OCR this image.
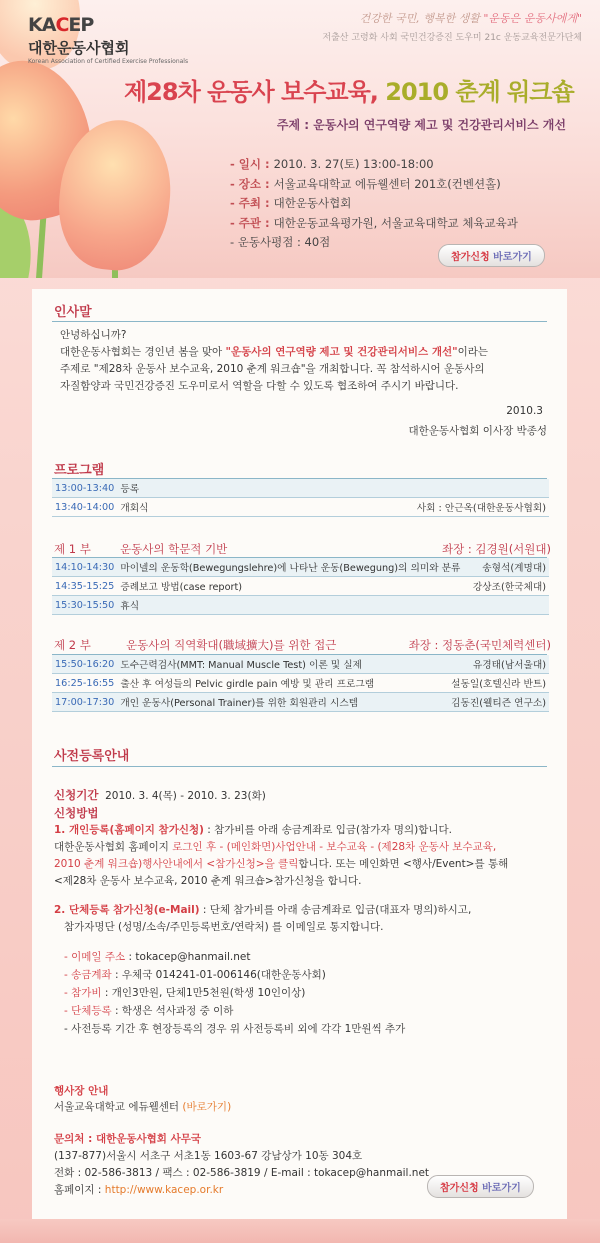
KACEP
대한운동사협회
Korean Association of Certified Exercise Professionals
건강한 국민, 행복한 생활 "운동은 운동사에게"
저출산 고령화 사회 국민건강증진 도우미 21c 운동교육전문가단체
제28차 운동사 보수교육, 2010 춘계 워크숍
주제 : 운동사의 연구역량 제고 및 건강관리서비스 개선
- 일시 : 2010. 3. 27(토) 13:00-18:00
- 장소 : 서울교육대학교 에듀웰센터 201호(컨벤션홀)
- 주최 : 대한운동사협회
- 주관 : 대한운동교육평가원, 서울교육대학교 체육교육과
- 운동사평점 : 40점
참가신청 바로가기
인사말
안녕하십니까?
대한운동사협회는 경인년 봄을 맞아 "운동사의 연구역량 제고 및 건강관리서비스 개선"이라는
주제로 "제28차 운동사 보수교육, 2010 춘계 워크숍"을 개최합니다. 꼭 참석하시어 운동사의
자질함양과 국민건강증진 도우미로서 역할을 다할 수 있도록 협조하여 주시기 바랍니다.
2010.3
대한운동사협회 이사장 박종성
프로그램
13:00-13:40	등록	
13:40-14:00	개회식	사회 : 안근옥(대한운동사협회)
제 1 부	운동사의 학문적 기반	좌장 : 김경원(서원대)
14:10-14:30	마이넬의 운동학(Bewegungslehre)에 나타난 운동(Bewegung)의 의미와 분류	송형석(계명대)
14:35-15:25	증례보고 방법(case report)	강상조(한국체대)
15:30-15:50	휴식	
제 2 부	운동사의 직역확대(職域擴大)를 위한 접근	좌장 : 정동춘(국민체력센터)
15:50-16:20	도수근력검사(MMT: Manual Muscle Test) 이론 및 실제	유경태(남서울대)
16:25-16:55	출산 후 여성들의 Pelvic girdle pain 예방 및 관리 프로그램	설동일(호텔신라 반트)
17:00-17:30	개인 운동사(Personal Trainer)를 위한 회원관리 시스템	김동진(웰티즌 연구소)
사전등록안내
신청기간 2010. 3. 4(목) - 2010. 3. 23(화)
신청방법
1. 개인등록(홈페이지 참가신청) : 참가비를 아래 송금계좌로 입금(참가자 명의)합니다.
대한운동사협회 홈페이지 로그인 후 - (메인화면)사업안내 - 보수교육 - (제28차 운동사 보수교육,
2010 춘계 워크숍)행사안내에서 <참가신청>을 클릭합니다. 또는 메인화면 <행사/Event>를 통해
<제28차 운동사 보수교육, 2010 춘계 워크숍>참가신청을 합니다.
2. 단체등록 참가신청(e-Mail) : 단체 참가비를 아래 송금계좌로 입금(대표자 명의)하시고,
참가자명단 (성명/소속/주민등록번호/연락처) 를 이메일로 통지합니다.
- 이메일 주소 : tokacep@hanmail.net
- 송금계좌 : 우체국 014241-01-006146(대한운동사회)
- 참가비 : 개인3만원, 단체1만5천원(학생 10인이상)
- 단체등록 : 학생은 석사과정 중 이하
- 사전등록 기간 후 현장등록의 경우 위 사전등록비 외에 각각 1만원씩 추가
행사장 안내
서울교육대학교 에듀웰센터 (바로가기)
문의처 : 대한운동사협회 사무국
(137-877)서울시 서초구 서초1동 1603-67 강남상가 10동 304호
전화 : 02-586-3813 / 팩스 : 02-586-3819 / E-mail : tokacep@hanmail.net
홈페이지 : http://www.kacep.or.kr	참가신청 바로가기
